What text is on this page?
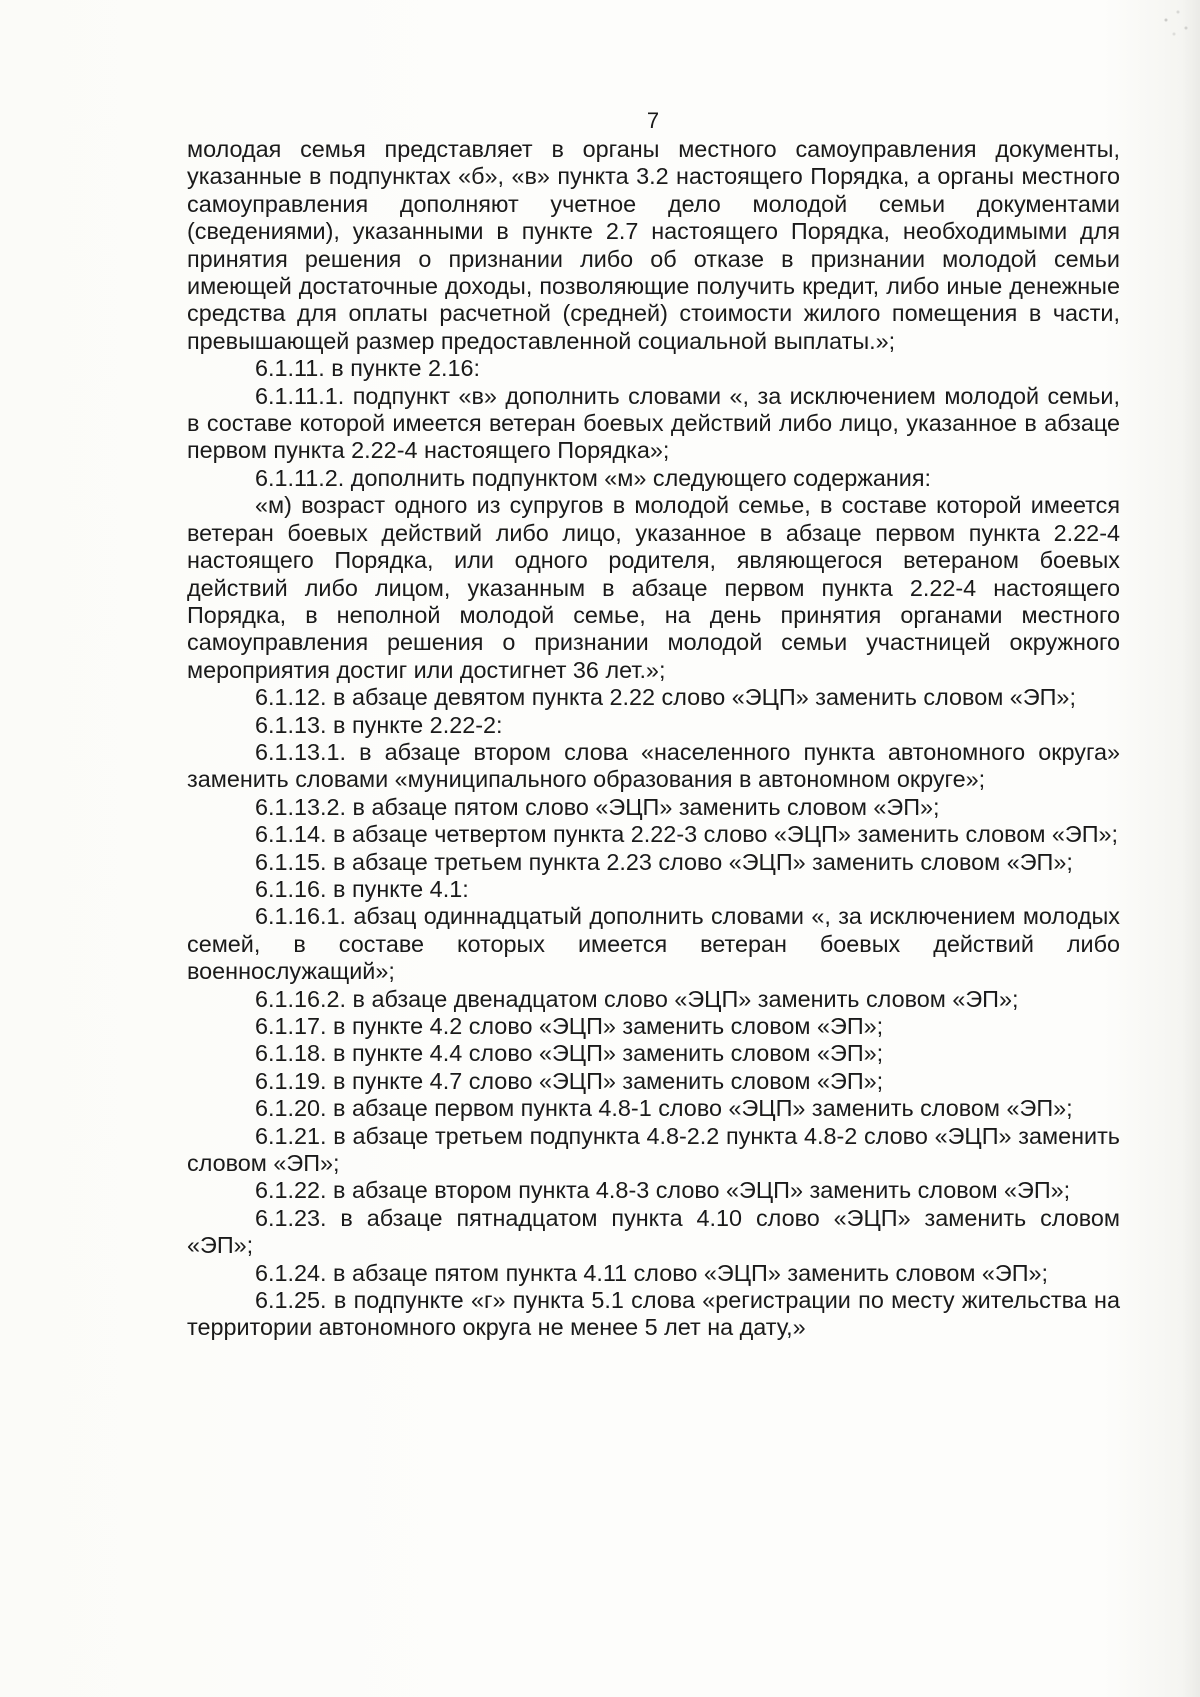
7

молодая семья представляет в органы местного самоуправления документы, указанные в подпунктах «б», «в» пункта 3.2 настоящего Порядка, а органы местного самоуправления дополняют учетное дело молодой семьи документами (сведениями), указанными в пункте 2.7 настоящего Порядка, необходимыми для принятия решения о признании либо об отказе в признании молодой семьи имеющей достаточные доходы, позволяющие получить кредит, либо иные денежные средства для оплаты расчетной (средней) стоимости жилого помещения в части, превышающей размер предоставленной социальной выплаты.»;

6.1.11. в пункте 2.16:

6.1.11.1. подпункт «в» дополнить словами «, за исключением молодой семьи, в составе которой имеется ветеран боевых действий либо лицо, указанное в абзаце первом пункта 2.22-4 настоящего Порядка»;

6.1.11.2. дополнить подпунктом «м» следующего содержания:

«м) возраст одного из супругов в молодой семье, в составе которой имеется ветеран боевых действий либо лицо, указанное в абзаце первом пункта 2.22-4 настоящего Порядка, или одного родителя, являющегося ветераном боевых действий либо лицом, указанным в абзаце первом пункта 2.22-4 настоящего Порядка, в неполной молодой семье, на день принятия органами местного самоуправления решения о признании молодой семьи участницей окружного мероприятия достиг или достигнет 36 лет.»;

6.1.12. в абзаце девятом пункта 2.22 слово «ЭЦП» заменить словом «ЭП»;

6.1.13. в пункте 2.22-2:

6.1.13.1. в абзаце втором слова «населенного пункта автономного округа» заменить словами «муниципального образования в автономном округе»;

6.1.13.2. в абзаце пятом слово «ЭЦП» заменить словом «ЭП»;

6.1.14. в абзаце четвертом пункта 2.22-3 слово «ЭЦП» заменить словом «ЭП»;

6.1.15. в абзаце третьем пункта 2.23 слово «ЭЦП» заменить словом «ЭП»;

6.1.16. в пункте 4.1:

6.1.16.1. абзац одиннадцатый дополнить словами «, за исключением молодых семей, в составе которых имеется ветеран боевых действий либо военнослужащий»;

6.1.16.2. в абзаце двенадцатом слово «ЭЦП» заменить словом «ЭП»;

6.1.17. в пункте 4.2 слово «ЭЦП» заменить словом «ЭП»;

6.1.18. в пункте 4.4 слово «ЭЦП» заменить словом «ЭП»;

6.1.19. в пункте 4.7 слово «ЭЦП» заменить словом «ЭП»;

6.1.20. в абзаце первом пункта 4.8-1 слово «ЭЦП» заменить словом «ЭП»;

6.1.21. в абзаце третьем подпункта 4.8-2.2 пункта 4.8-2 слово «ЭЦП» заменить словом «ЭП»;

6.1.22. в абзаце втором пункта 4.8-3 слово «ЭЦП» заменить словом «ЭП»;

6.1.23. в абзаце пятнадцатом пункта 4.10 слово «ЭЦП» заменить словом «ЭП»;

6.1.24. в абзаце пятом пункта 4.11 слово «ЭЦП» заменить словом «ЭП»;

6.1.25. в подпункте «г» пункта 5.1 слова «регистрации по месту жительства на территории автономного округа не менее 5 лет на дату,»
